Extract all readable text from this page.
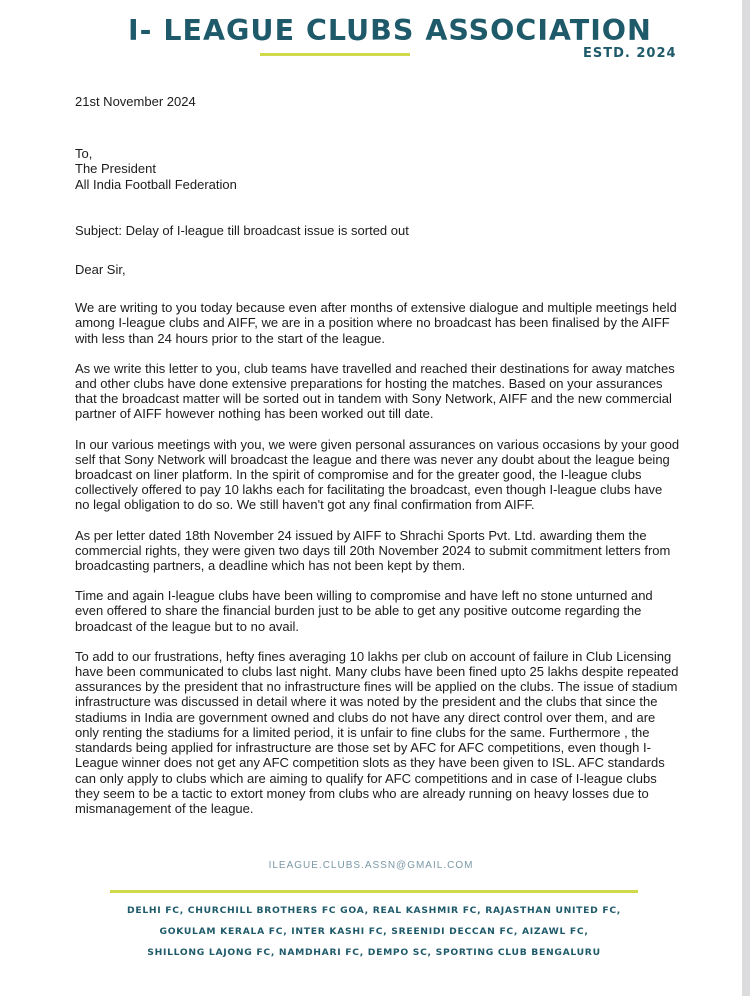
I- LEAGUE CLUBS ASSOCIATION
ESTD. 2024

21st November 2024

To,

The President

All India Football Federation

Subject: Delay of I-league till broadcast issue is sorted out

Dear Sir,

We are writing to you today because even after months of extensive dialogue and multiple meetings held among I-league clubs and AIFF, we are in a position where no broadcast has been finalised by the AIFF with less than 24 hours prior to the start of the league.

As we write this letter to you, club teams have travelled and reached their destinations for away matches and other clubs have done extensive preparations for hosting the matches. Based on your assurances that the broadcast matter will be sorted out in tandem with Sony Network, AIFF and the new commercial partner of AIFF however nothing has been worked out till date.

In our various meetings with you, we were given personal assurances on various occasions by your good self that Sony Network will broadcast the league and there was never any doubt about the league being broadcast on liner platform. In the spirit of compromise and for the greater good, the I-league clubs collectively offered to pay 10 lakhs each for facilitating the broadcast, even though I-league clubs have no legal obligation to do so. We still haven't got any final confirmation from AIFF.

As per letter dated 18th November 24 issued by AIFF to Shrachi Sports Pvt. Ltd. awarding them the commercial rights, they were given two days till 20th November 2024 to submit commitment letters from broadcasting partners, a deadline which has not been kept by them.

Time and again I-league clubs have been willing to compromise and have left no stone unturned and even offered to share the financial burden just to be able to get any positive outcome regarding the broadcast of the league but to no avail.

To add to our frustrations, hefty fines averaging 10 lakhs per club on account of failure in Club Licensing have been communicated to clubs last night. Many clubs have been fined upto 25 lakhs despite repeated assurances by the president that no infrastructure fines will be applied on the clubs. The issue of stadium infrastructure was discussed in detail where it was noted by the president and the clubs that since the stadiums in India are government owned and clubs do not have any direct control over them, and are only renting the stadiums for a limited period, it is unfair to fine clubs for the same. Furthermore , the standards being applied for infrastructure are those set by AFC for AFC competitions, even though I-League winner does not get any AFC competition slots as they have been given to ISL. AFC standards can only apply to clubs which are aiming to qualify for AFC competitions and in case of I-league clubs they seem to be a tactic to extort money from clubs who are already running on heavy losses due to mismanagement of the league.

ILEAGUE.CLUBS.ASSN@GMAIL.COM
DELHI FC, CHURCHILL BROTHERS FC GOA, REAL KASHMIR FC, RAJASTHAN UNITED FC,
GOKULAM KERALA FC, INTER KASHI FC, SREENIDI DECCAN FC, AIZAWL FC,
SHILLONG LAJONG FC, NAMDHARI FC, DEMPO SC, SPORTING CLUB BENGALURU
